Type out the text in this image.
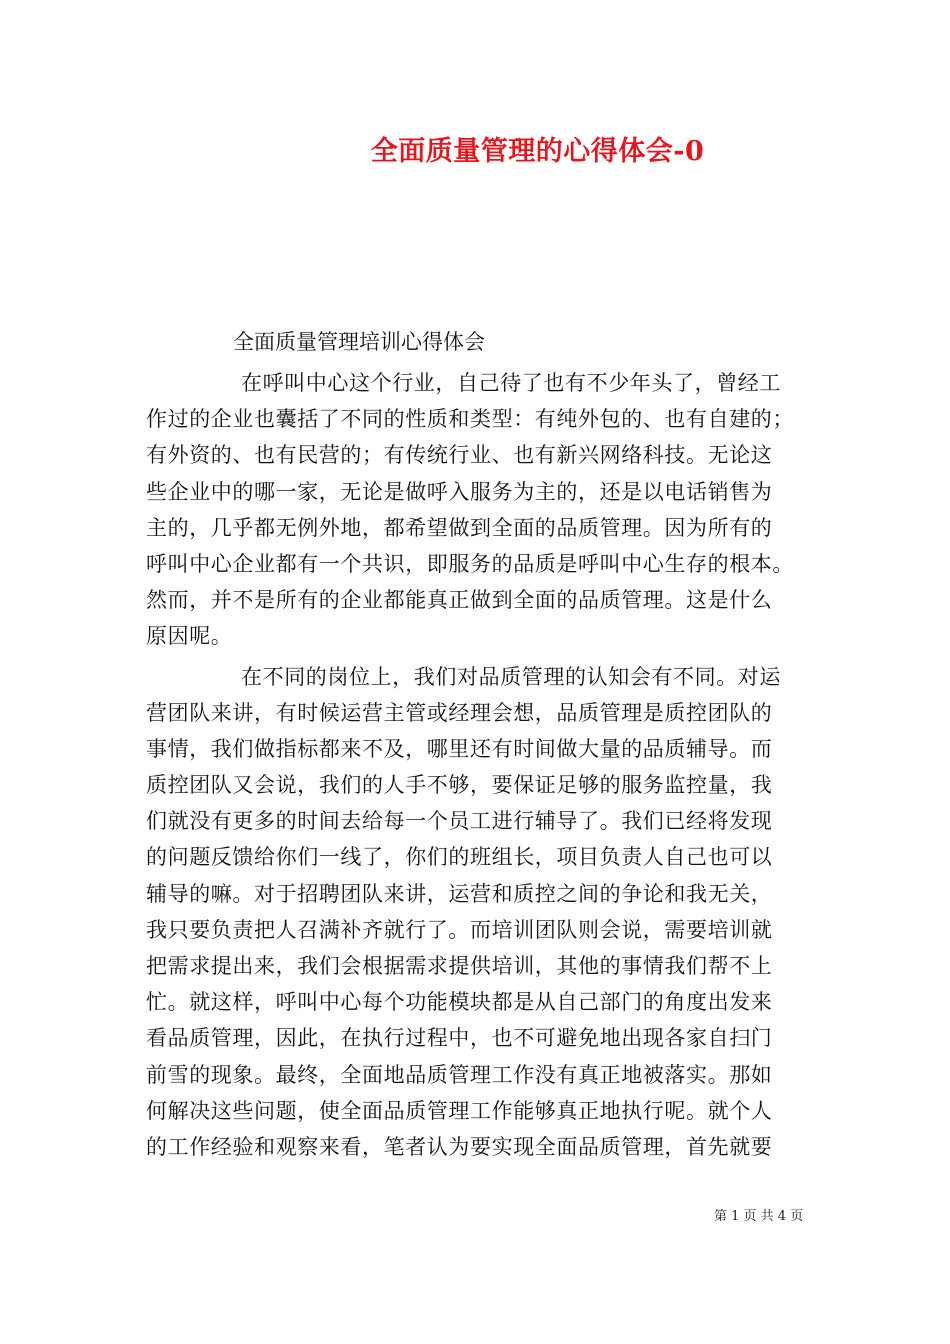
全面质量管理的心得体会-0

全面质量管理培训心得体会

在呼叫中心这个行业，自己待了也有不少年头了，曾经工
作过的企业也囊括了不同的性质和类型：有纯外包的、也有自建的；
有外资的、也有民营的；有传统行业、也有新兴网络科技。无论这
些企业中的哪一家，无论是做呼入服务为主的，还是以电话销售为
主的，几乎都无例外地，都希望做到全面的品质管理。因为所有的
呼叫中心企业都有一个共识，即服务的品质是呼叫中心生存的根本。
然而，并不是所有的企业都能真正做到全面的品质管理。这是什么
原因呢。
在不同的岗位上，我们对品质管理的认知会有不同。对运
营团队来讲，有时候运营主管或经理会想，品质管理是质控团队的
事情，我们做指标都来不及，哪里还有时间做大量的品质辅导。而
质控团队又会说，我们的人手不够，要保证足够的服务监控量，我
们就没有更多的时间去给每一个员工进行辅导了。我们已经将发现
的问题反馈给你们一线了，你们的班组长，项目负责人自己也可以
辅导的嘛。对于招聘团队来讲，运营和质控之间的争论和我无关，
我只要负责把人召满补齐就行了。而培训团队则会说，需要培训就
把需求提出来，我们会根据需求提供培训，其他的事情我们帮不上
忙。就这样，呼叫中心每个功能模块都是从自己部门的角度出发来
看品质管理，因此，在执行过程中，也不可避免地出现各家自扫门
前雪的现象。最终，全面地品质管理工作没有真正地被落实。那如
何解决这些问题，使全面品质管理工作能够真正地执行呢。就个人
的工作经验和观察来看，笔者认为要实现全面品质管理，首先就要
第 1 页 共 4 页
